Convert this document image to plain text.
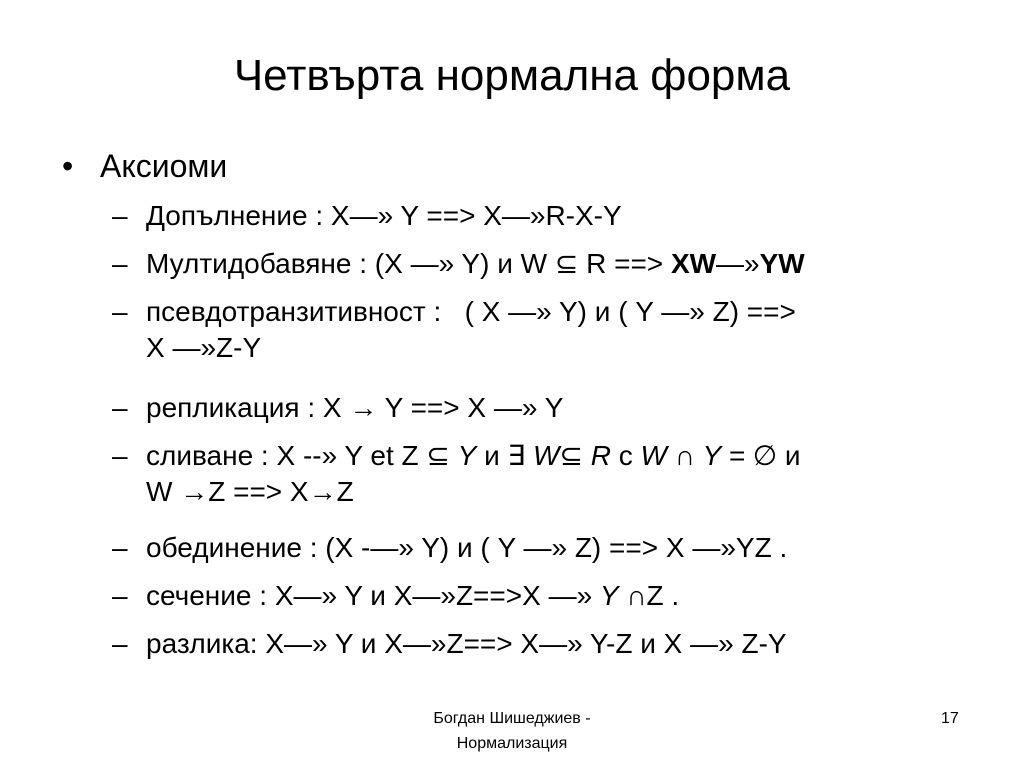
Четвърта нормална форма
• Аксиоми
– Допълнение : X—» Y ==> X—»R-X-Y
– Мултидобавяне : (X —» Y) и W ⊆ R ==> XW—»YW
– псевдотранзитивност :   ( X —» Y) и ( Y —» Z) ==>
X —»Z-Y
– репликация : X → Y ==> X —» Y
– сливане : X --» Y et Z ⊆ Y и ∃ W⊆ R c W ∩ Y = ∅ и
W →Z ==> X→Z
– обединение : (X -—» Y) и ( Y —» Z) ==> X —»YZ .
– сечение : X—» Y и X—»Z==>X —» Y ∩Z .
– разлика: X—» Y и X—»Z==> X—» Y-Z и X —» Z-Y
Богдан Шишеджиев -
Нормализация
17
